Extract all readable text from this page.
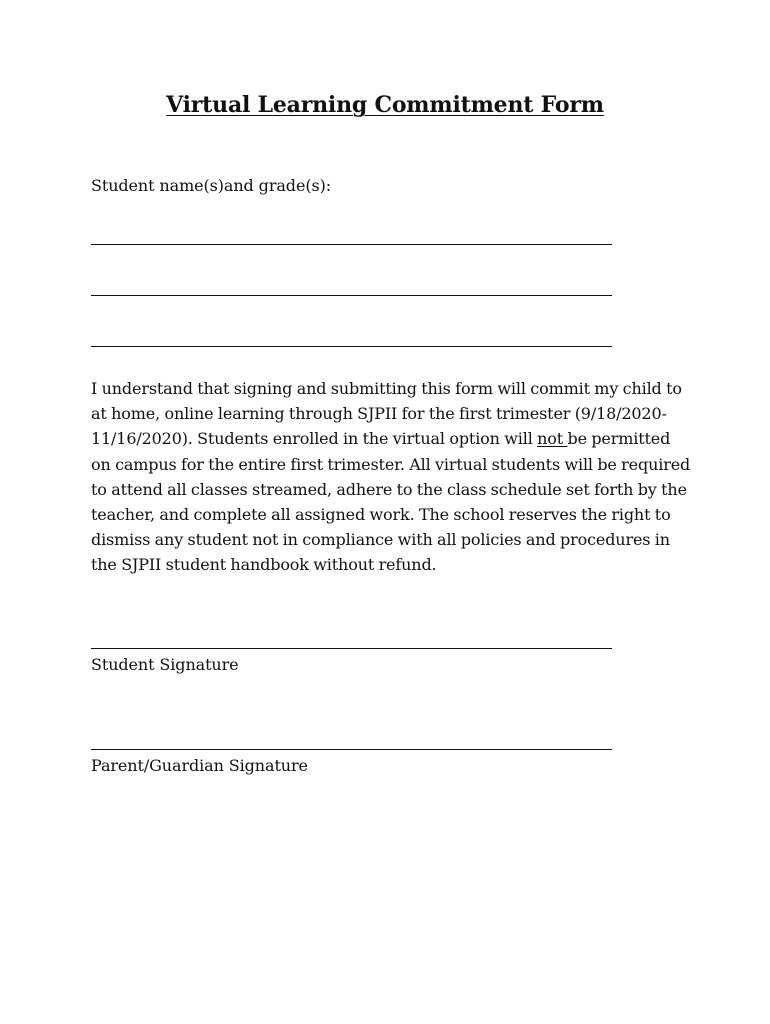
Virtual Learning Commitment Form
Student name(s)and grade(s):
I understand that signing and submitting this form will commit my child to at home, online learning through SJPII for the first trimester (9/18/2020-11/16/2020). Students enrolled in the virtual option will not be permitted on campus for the entire first trimester. All virtual students will be required to attend all classes streamed, adhere to the class schedule set forth by the teacher, and complete all assigned work. The school reserves the right to dismiss any student not in compliance with all policies and procedures in the SJPII student handbook without refund.
Student Signature
Parent/Guardian Signature
